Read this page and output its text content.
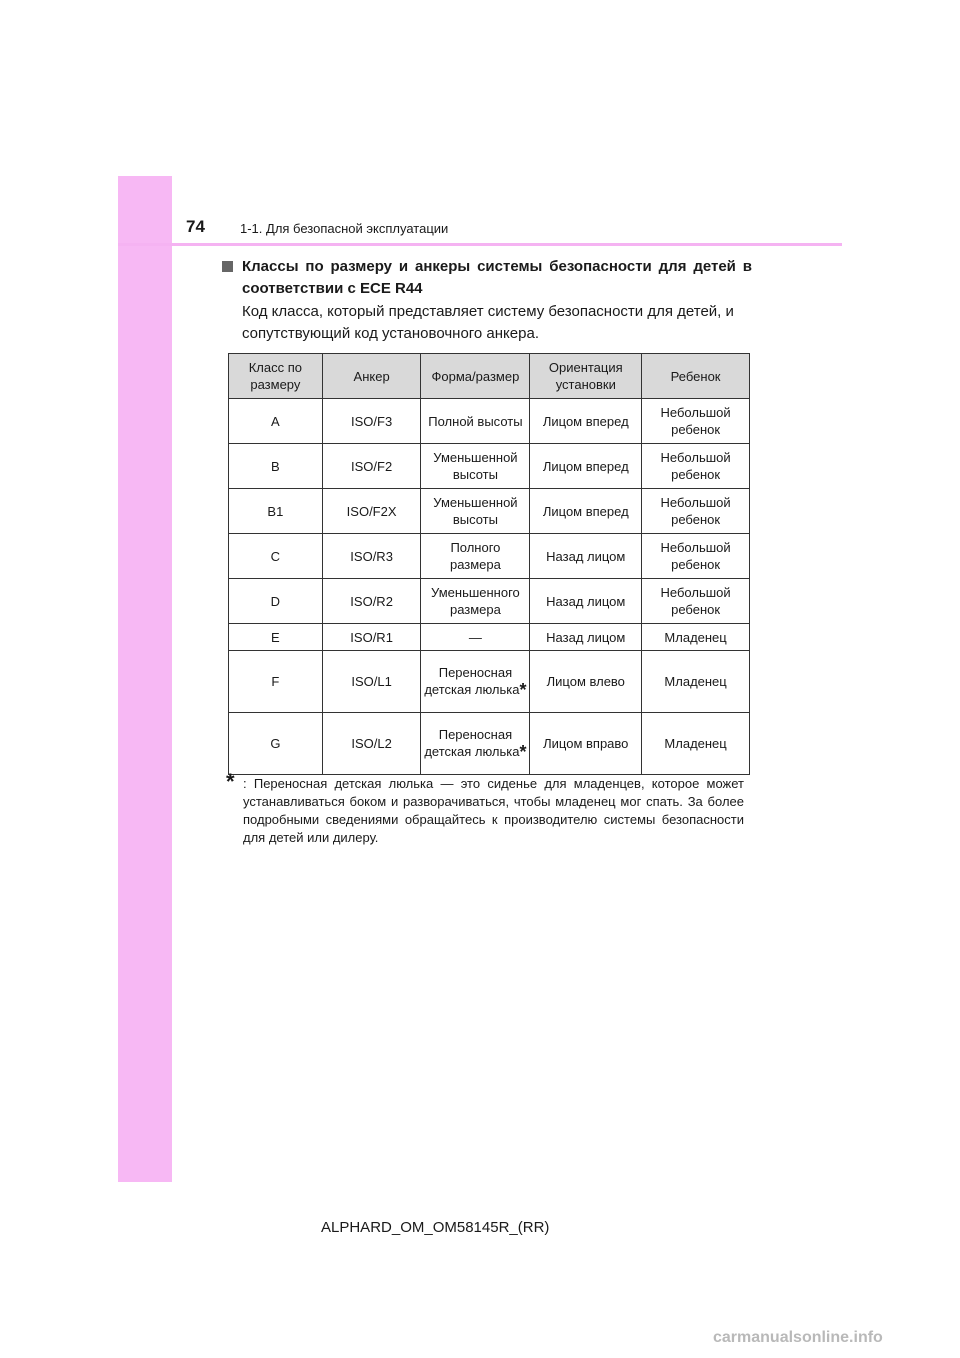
74	1-1. Для безопасной эксплуатации
Классы по размеру и анкеры системы безопасности для детей в соответствии с ECE R44
Код класса, который представляет систему безопасности для детей, и сопутствующий код установочного анкера.
Класс по размеру	Анкер	Форма/размер	Ориентация установки	Ребенок
A	ISO/F3	Полной высоты	Лицом вперед	Небольшой ребенок
B	ISO/F2	Уменьшенной высоты	Лицом вперед	Небольшой ребенок
B1	ISO/F2X	Уменьшенной высоты	Лицом вперед	Небольшой ребенок
C	ISO/R3	Полного размера	Назад лицом	Небольшой ребенок
D	ISO/R2	Уменьшенного размера	Назад лицом	Небольшой ребенок
E	ISO/R1	—	Назад лицом	Младенец
F	ISO/L1	Переносная детская люлька*	Лицом влево	Младенец
G	ISO/L2	Переносная детская люлька*	Лицом вправо	Младенец
* : Переносная детская люлька — это сиденье для младенцев, которое может устанавливаться боком и разворачиваться, чтобы младенец мог спать. За более подробными сведениями обращайтесь к производителю системы безопасности для детей или дилеру.
ALPHARD_OM_OM58145R_(RR)
carmanualsonline.info
